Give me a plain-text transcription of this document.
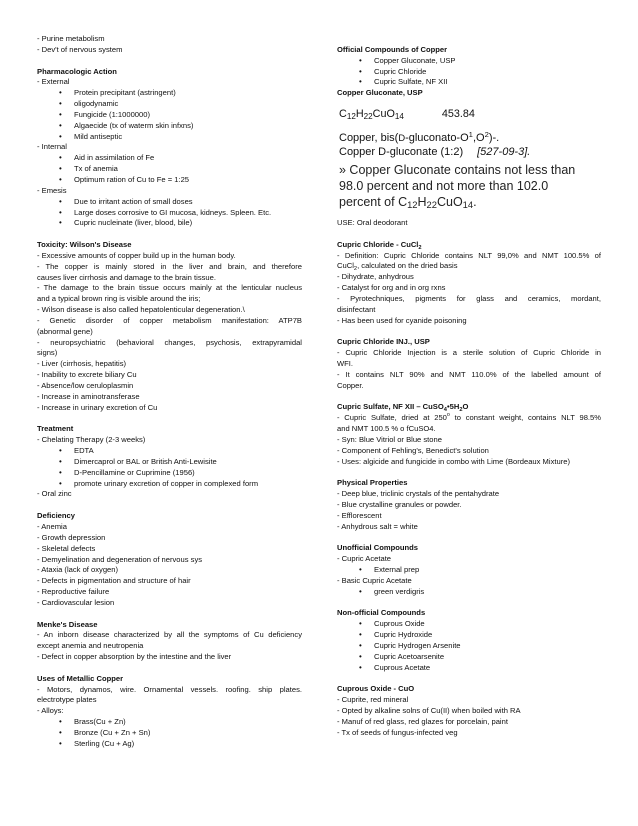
- Purine metabolism
- Dev't of nervous system
Pharmacologic Action
- External
• Protein precipitant (astringent)
• oligodynamic
• Fungicide (1:1000000)
• Algaecide (tx of waterm skin infxns)
• Mild antiseptic
- Internal
• Aid in assimilation of Fe
• Tx of anemia
• Optimum ration of Cu to Fe = 1:25
- Emesis
• Due to irritant action of small doses
• Large doses corrosive to GI mucosa, kidneys. Spleen. Etc.
• Cupric nucleinate (liver, blood, bile)
Toxicity: Wilson's Disease
- Excessive amounts of copper build up in the human body.
- The copper is mainly stored in the liver and brain, and therefore
causes liver cirrhosis and damage to the brain tissue.
- The damage to the brain tissue occurs mainly at the lenticular nucleus
and a typical brown ring is visible around the iris;
- Wilson disease is also called hepatolenticular degeneration.\
- Genetic disorder of copper metabolism manifestation: ATP7B
(abnormal gene)
- neuropsychiatric (behavioral changes, psychosis, extrapyramidal
signs)
- Liver (cirrhosis, hepatitis)
- Inability to excrete biliary Cu
- Absence/low ceruloplasmin
- Increase in aminotransferase
- Increase in urinary excretion of Cu
Treatment
- Chelating Therapy (2-3 weeks)
• EDTA
• Dimercaprol or BAL or British Anti-Lewisite
• D-Pencillamine or Cuprimine (1956)
• promote urinary excretion of copper in complexed form
- Oral zinc
Deficiency
- Anemia
- Growth depression
- Skeletal defects
- Demyelination and degeneration of nervous sys
- Ataxia (lack of oxygen)
- Defects in pigmentation and structure of hair
- Reproductive failure
- Cardiovascular lesion
Menke's Disease
- An inborn disease characterized by all the symptoms of Cu deficiency
except anemia and neutropenia
- Defect in copper absorption by the intestine and the liver
Uses of Metallic Copper
- Motors, dynamos, wire. Ornamental vessels. roofing. ship plates.
electrotype plates
- Alloys:
• Brass(Cu + Zn)
• Bronze (Cu + Zn + Sn)
• Sterling (Cu + Ag)
Official Compounds of Copper
• Copper Gluconate, USP
• Cupric Chloride
• Cupric Sulfate, NF XII
Copper Gluconate, USP
$C_{12}H_{22}CuO_{14}$	453.84
Copper, $bis(D-gluconato-O^1,O^2)-$.
Copper D-gluconate (1:2) [527-09-3].
» Copper Gluconate contains not less than
98.0 percent and not more than 102.0
percent of $C_{12}H_{22}CuO_{14}$.
USE: Oral deodorant
Cupric Chloride - CuCl$_2$
- Definition: Cupric Chloride contains NLT 99,0% and NMT 100.5% of
CuCl$_2$, calculated on the dried basis
- Dihydrate, anhydrous
- Catalyst for org and in org rxns
- Pyrotechniques, pigments for glass and ceramics, mordant,
disinfectant
- Has been used for cyanide poisoning
Cupric Chloride INJ., USP
- Cupric Chloride Injection is a sterile solution of Cupric Chloride in
WFI.
- It contains NLT 90% and NMT 110.0% of the labelled amount of
Copper.
Cupric Sulfate, NF XII – $CuSO_4•5H_2O$
- Cupric Sulfate, dried at 250$^o$ to constant weight, contains NLT 98.5%
and NMT 100.5 % o fCuSO4.
- Syn: Blue Vitriol or Blue stone
- Component of Fehling's, Benedict's solution
- Uses: algicide and fungicide in combo with Lime (Bordeaux Mixture)
Physical Properties
- Deep blue, triclinic crystals of the pentahydrate
- Blue crystalline granules or powder.
- Efflorescent
- Anhydrous salt = white
Unofficial Compounds
- Cupric Acetate
• External prep
- Basic Cupric Acetate
• green verdigris
Non-official Compounds
• Cuprous Oxide
• Cupric Hydroxide
• Cupric Hydrogen Arsenite
• Cupric Acetoarsenite
• Cuprous Acetate
Cuprous Oxide - CuO
- Cuprite, red mineral
- Opted by alkaline solns of Cu(II) when boiled with RA
- Manuf of red glass, red glazes for porcelain, paint
- Tx of seeds of fungus-infected veg
